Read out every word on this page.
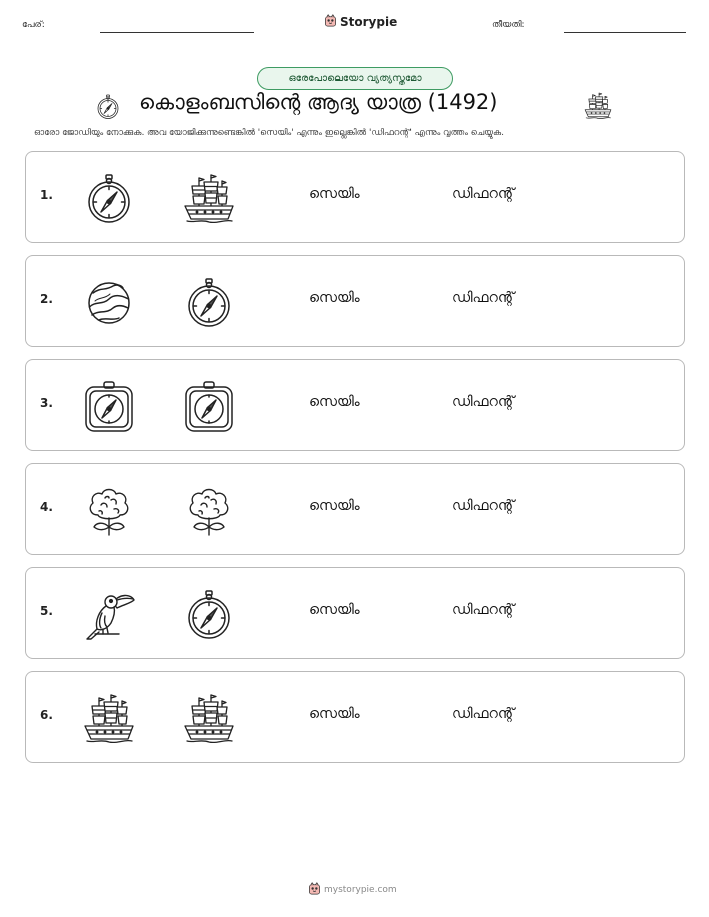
പേര്:	Storypie	തീയതി:
ഒരേപോലെയോ വ്യത്യസ്തമോ
കൊളംബസിന്റെ ആദ്യ യാത്ര (1492)
ഓരോ ജോഡിയും നോക്കുക. അവ യോജിക്കുന്നുണ്ടെങ്കിൽ 'സെയിം' എന്നും ഇല്ലെങ്കിൽ 'ഡിഫറന്റ്' എന്നും വൃത്തം ചെയ്യുക.
1.	സെയിം	ഡിഫറന്റ്
2.	സെയിം	ഡിഫറന്റ്
3.	സെയിം	ഡിഫറന്റ്
4.	സെയിം	ഡിഫറന്റ്
5.	സെയിം	ഡിഫറന്റ്
6.	സെയിം	ഡിഫറന്റ്
mystorypie.com
